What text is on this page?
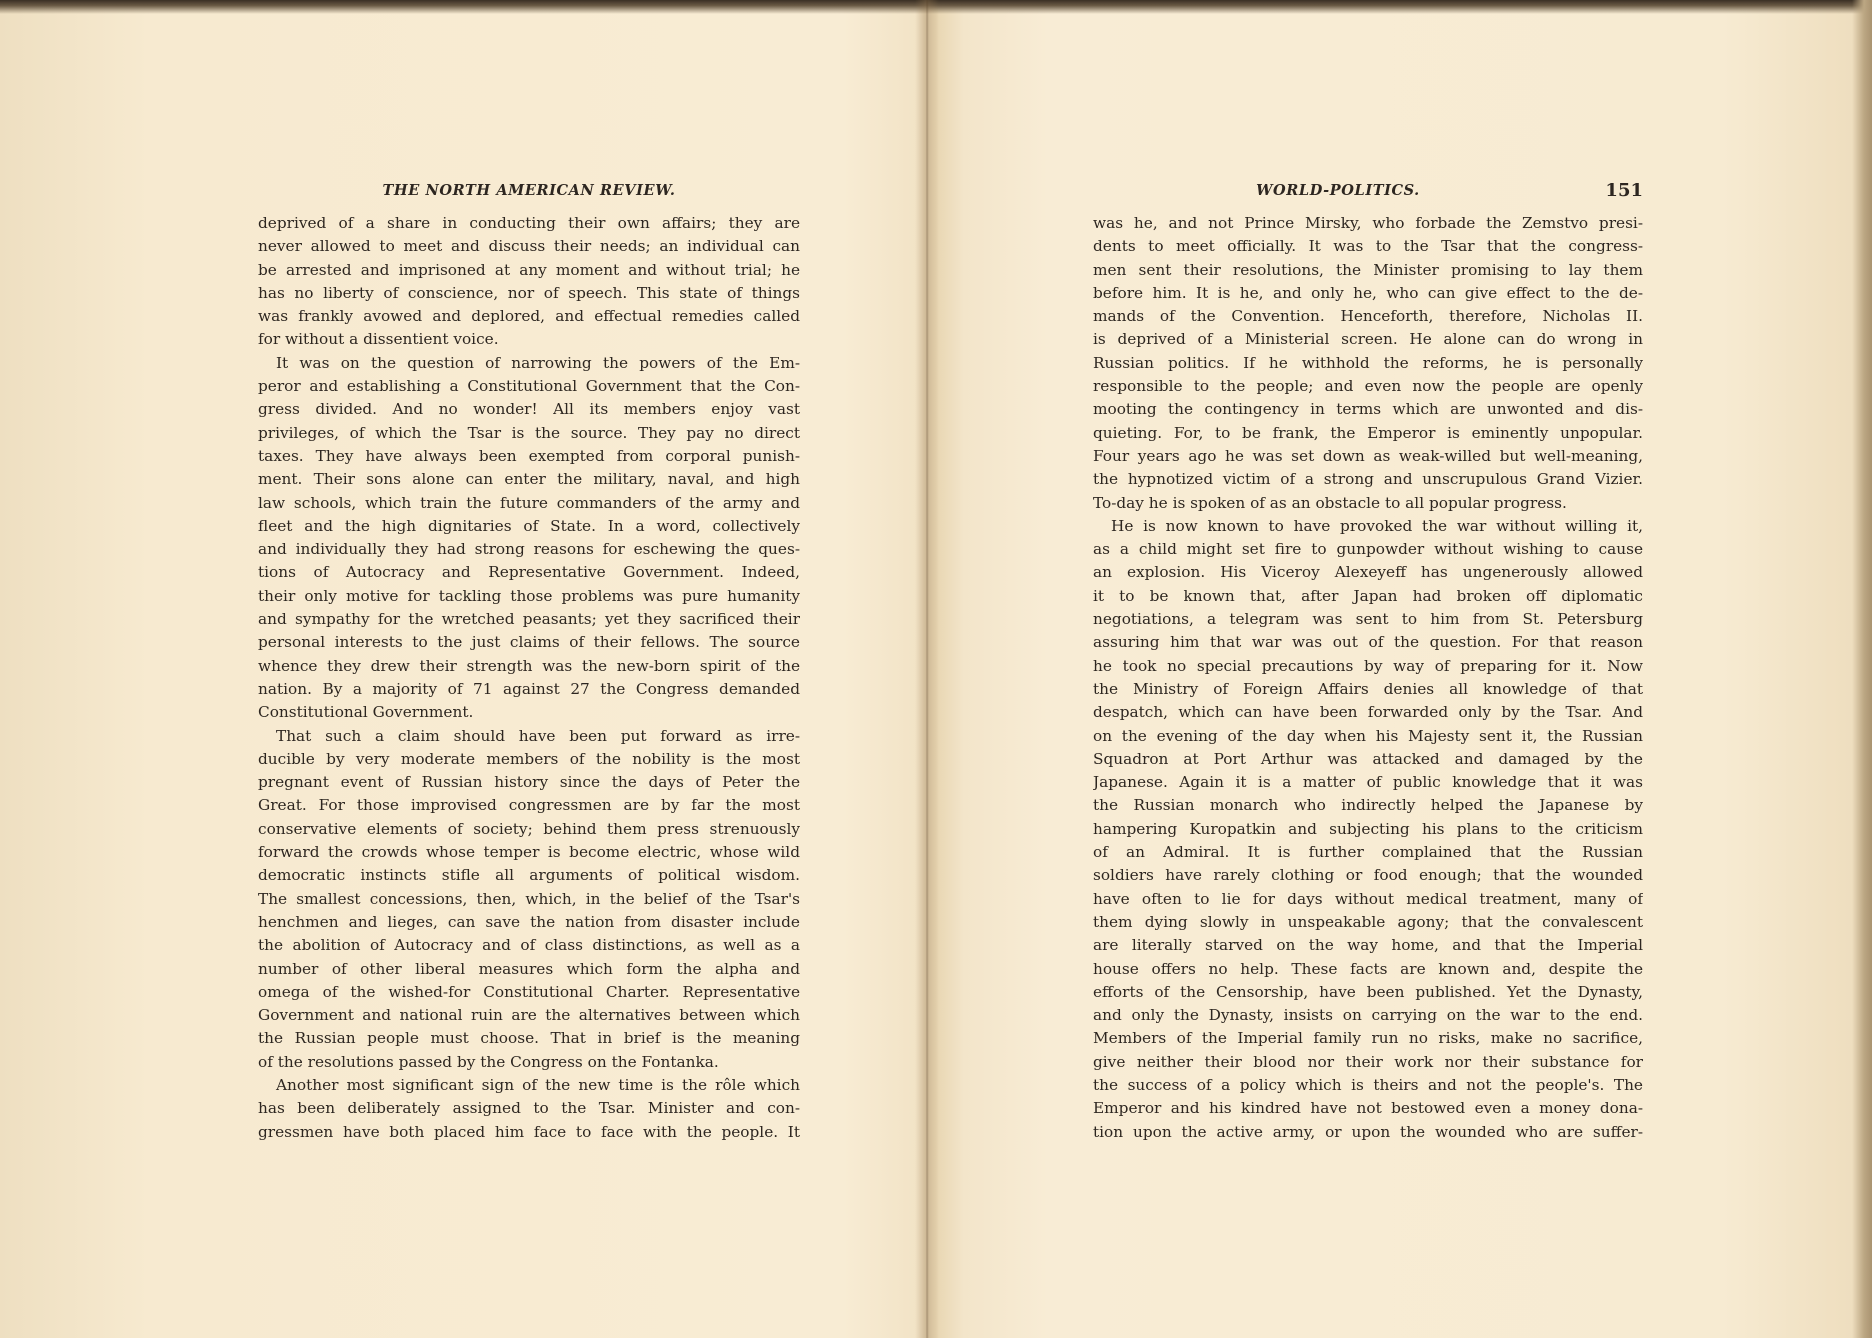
THE NORTH AMERICAN REVIEW.

deprived of a share in conducting their own affairs; they are
never allowed to meet and discuss their needs; an individual can
be arrested and imprisoned at any moment and without trial; he
has no liberty of conscience, nor of speech. This state of things
was frankly avowed and deplored, and effectual remedies called
for without a dissentient voice.

It was on the question of narrowing the powers of the Em-
peror and establishing a Constitutional Government that the Con-
gress divided. And no wonder! All its members enjoy vast
privileges, of which the Tsar is the source. They pay no direct
taxes. They have always been exempted from corporal punish-
ment. Their sons alone can enter the military, naval, and high
law schools, which train the future commanders of the army and
fleet and the high dignitaries of State. In a word, collectively
and individually they had strong reasons for eschewing the ques-
tions of Autocracy and Representative Government. Indeed,
their only motive for tackling those problems was pure humanity
and sympathy for the wretched peasants; yet they sacrificed their
personal interests to the just claims of their fellows. The source
whence they drew their strength was the new-born spirit of the
nation. By a majority of 71 against 27 the Congress demanded
Constitutional Government.

That such a claim should have been put forward as irre-
ducible by very moderate members of the nobility is the most
pregnant event of Russian history since the days of Peter the
Great. For those improvised congressmen are by far the most
conservative elements of society; behind them press strenuously
forward the crowds whose temper is become electric, whose wild
democratic instincts stifle all arguments of political wisdom.
The smallest concessions, then, which, in the belief of the Tsar's
henchmen and lieges, can save the nation from disaster include
the abolition of Autocracy and of class distinctions, as well as a
number of other liberal measures which form the alpha and
omega of the wished-for Constitutional Charter. Representative
Government and national ruin are the alternatives between which
the Russian people must choose. That in brief is the meaning
of the resolutions passed by the Congress on the Fontanka.

Another most significant sign of the new time is the rôle which
has been deliberately assigned to the Tsar. Minister and con-
gressmen have both placed him face to face with the people. It

WORLD-POLITICS.	151

was he, and not Prince Mirsky, who forbade the Zemstvo presi-
dents to meet officially. It was to the Tsar that the congress-
men sent their resolutions, the Minister promising to lay them
before him. It is he, and only he, who can give effect to the de-
mands of the Convention. Henceforth, therefore, Nicholas II.
is deprived of a Ministerial screen. He alone can do wrong in
Russian politics. If he withhold the reforms, he is personally
responsible to the people; and even now the people are openly
mooting the contingency in terms which are unwonted and dis-
quieting. For, to be frank, the Emperor is eminently unpopular.
Four years ago he was set down as weak-willed but well-meaning,
the hypnotized victim of a strong and unscrupulous Grand Vizier.
To-day he is spoken of as an obstacle to all popular progress.

He is now known to have provoked the war without willing it,
as a child might set fire to gunpowder without wishing to cause
an explosion. His Viceroy Alexeyeff has ungenerously allowed
it to be known that, after Japan had broken off diplomatic
negotiations, a telegram was sent to him from St. Petersburg
assuring him that war was out of the question. For that reason
he took no special precautions by way of preparing for it. Now
the Ministry of Foreign Affairs denies all knowledge of that
despatch, which can have been forwarded only by the Tsar. And
on the evening of the day when his Majesty sent it, the Russian
Squadron at Port Arthur was attacked and damaged by the
Japanese. Again it is a matter of public knowledge that it was
the Russian monarch who indirectly helped the Japanese by
hampering Kuropatkin and subjecting his plans to the criticism
of an Admiral. It is further complained that the Russian
soldiers have rarely clothing or food enough; that the wounded
have often to lie for days without medical treatment, many of
them dying slowly in unspeakable agony; that the convalescent
are literally starved on the way home, and that the Imperial
house offers no help. These facts are known and, despite the
efforts of the Censorship, have been published. Yet the Dynasty,
and only the Dynasty, insists on carrying on the war to the end.
Members of the Imperial family run no risks, make no sacrifice,
give neither their blood nor their work nor their substance for
the success of a policy which is theirs and not the people's. The
Emperor and his kindred have not bestowed even a money dona-
tion upon the active army, or upon the wounded who are suffer-
